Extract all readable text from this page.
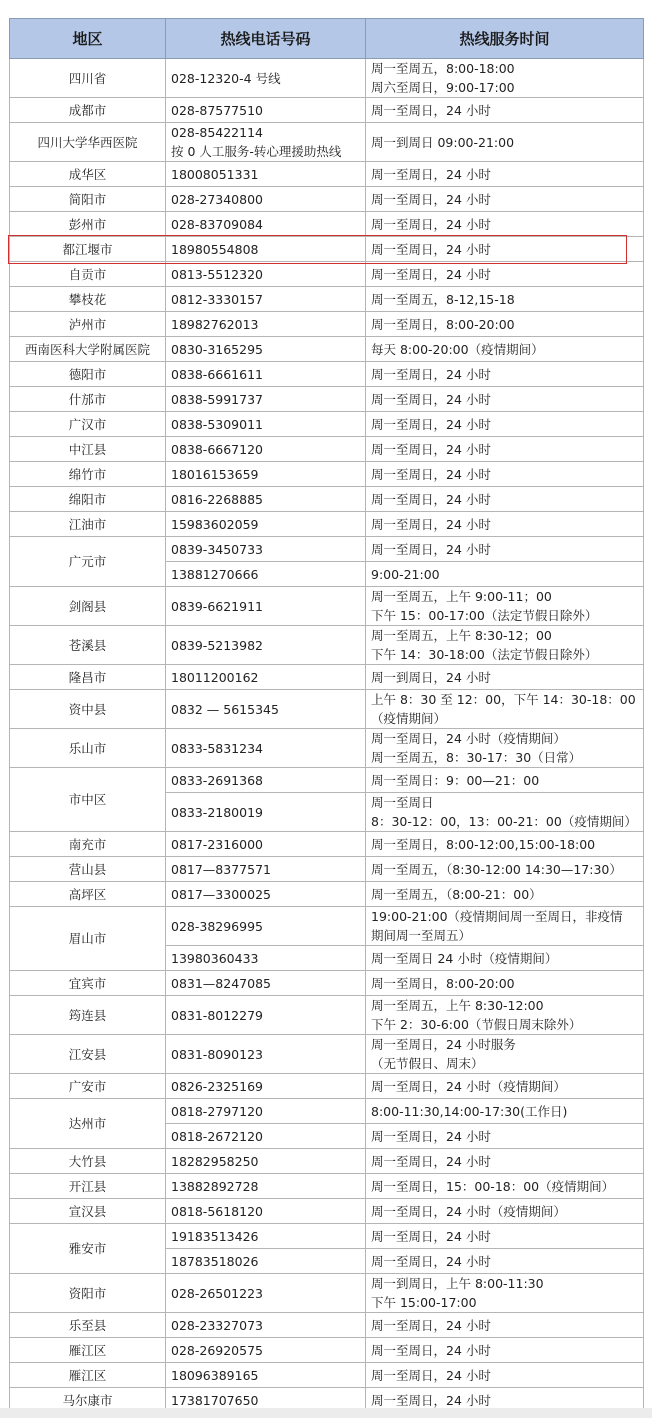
地区	热线电话号码	热线服务时间
四川省	028-12320-4 号线	周一至周五，8:00-18:00
周六至周日，9:00-17:00
成都市	028-87577510	周一至周日，24 小时
四川大学华西医院	028-85422114
按 0 人工服务-转心理援助热线	周一到周日 09:00-21:00
成华区	18008051331	周一至周日，24 小时
简阳市	028-27340800	周一至周日，24 小时
彭州市	028-83709084	周一至周日，24 小时
都江堰市	18980554808	周一至周日，24 小时
自贡市	0813-5512320	周一至周日，24 小时
攀枝花	0812-3330157	周一至周五，8-12,15-18
泸州市	18982762013	周一至周日，8:00-20:00
西南医科大学附属医院	0830-3165295	每天 8:00-20:00（疫情期间）
德阳市	0838-6661611	周一至周日，24 小时
什邡市	0838-5991737	周一至周日，24 小时
广汉市	0838-5309011	周一至周日，24 小时
中江县	0838-6667120	周一至周日，24 小时
绵竹市	18016153659	周一至周日，24 小时
绵阳市	0816-2268885	周一至周日，24 小时
江油市	15983602059	周一至周日，24 小时
广元市	0839-3450733	周一至周日，24 小时
	13881270666	9:00-21:00
剑阁县	0839-6621911	周一至周五，上午 9:00-11；00
下午 15：00-17:00（法定节假日除外）
苍溪县	0839-5213982	周一至周五，上午 8:30-12；00
下午 14：30-18:00（法定节假日除外）
隆昌市	18011200162	周一到周日，24 小时
资中县	0832 — 5615345	上午 8：30 至 12：00，下午 14：30-18：00
（疫情期间）
乐山市	0833-5831234	周一至周日，24 小时（疫情期间）
周一至周五，8：30-17：30（日常）
市中区	0833-2691368	周一至周日：9：00—21：00
	0833-2180019	周一至周日
8：30-12：00，13：00-21：00（疫情期间）
南充市	0817-2316000	周一至周日，8:00-12:00,15:00-18:00
营山县	0817—8377571	周一至周五，（8:30-12:00 14:30—17:30）
高坪区	0817—3300025	周一至周五，（8:00-21：00）
眉山市	028-38296995	19:00-21:00（疫情期间周一至周日，非疫情
期间周一至周五）
	13980360433	周一至周日 24 小时（疫情期间）
宜宾市	0831—8247085	周一至周日，8:00-20:00
筠连县	0831-8012279	周一至周五，上午 8:30-12:00
下午 2：30-6:00（节假日周末除外）
江安县	0831-8090123	周一至周日，24 小时服务
（无节假日、周末）
广安市	0826-2325169	周一至周日，24 小时（疫情期间）
达州市	0818-2797120	8:00-11:30,14:00-17:30(工作日)
	0818-2672120	周一至周日，24 小时
大竹县	18282958250	周一至周日，24 小时
开江县	13882892728	周一至周日，15：00-18：00（疫情期间）
宣汉县	0818-5618120	周一至周日，24 小时（疫情期间）
雅安市	19183513426	周一至周日，24 小时
	18783518026	周一至周日，24 小时
资阳市	028-26501223	周一到周日，上午 8:00-11:30
下午 15:00-17:00
乐至县	028-23327073	周一至周日，24 小时
雁江区	028-26920575	周一至周日，24 小时
雁江区	18096389165	周一至周日，24 小时
马尔康市	17381707650	周一至周日，24 小时
